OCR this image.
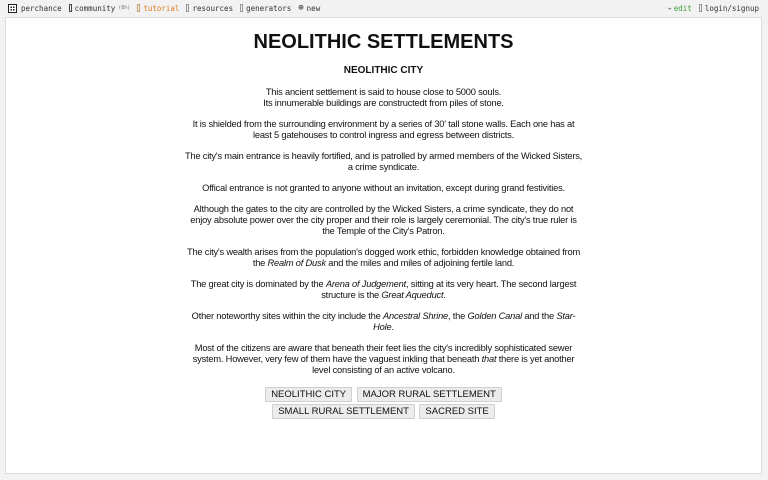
perchance community (8h) tutorial resources generators ⊕ new	✏ edit login/signup
NEOLITHIC SETTLEMENTS
NEOLITHIC CITY

This ancient settlement is said to house close to 5000 souls.
Its innumerable buildings are constructedt from piles of stone.

It is shielded from the surrounding environment by a series of 30' tall stone walls. Each one has at least 5 gatehouses to control ingress and egress between districts.

The city's main entrance is heavily fortified, and is patrolled by armed members of the Wicked Sisters, a crime syndicate.

Offical entrance is not granted to anyone without an invitation, except during grand festivities.

Although the gates to the city are controlled by the Wicked Sisters, a crime syndicate, they do not enjoy absolute power over the city proper and their role is largely ceremonial. The city's true ruler is the Temple of the City's Patron.

The city's wealth arises from the population's dogged work ethic, forbidden knowledge obtained from the Realm of Dusk and the miles and miles of adjoining fertile land.

The great city is dominated by the Arena of Judgement, sitting at its very heart. The second largest structure is the Great Aqueduct.

Other noteworthy sites within the city include the Ancestral Shrine, the Golden Canal and the Star-Hole.

Most of the citizens are aware that beneath their feet lies the city's incredibly sophisticated sewer system. However, very few of them have the vaguest inkling that beneath that there is yet another level consisting of an active volcano.

NEOLITHIC CITY MAJOR RURAL SETTLEMENT
SMALL RURAL SETTLEMENT SACRED SITE
